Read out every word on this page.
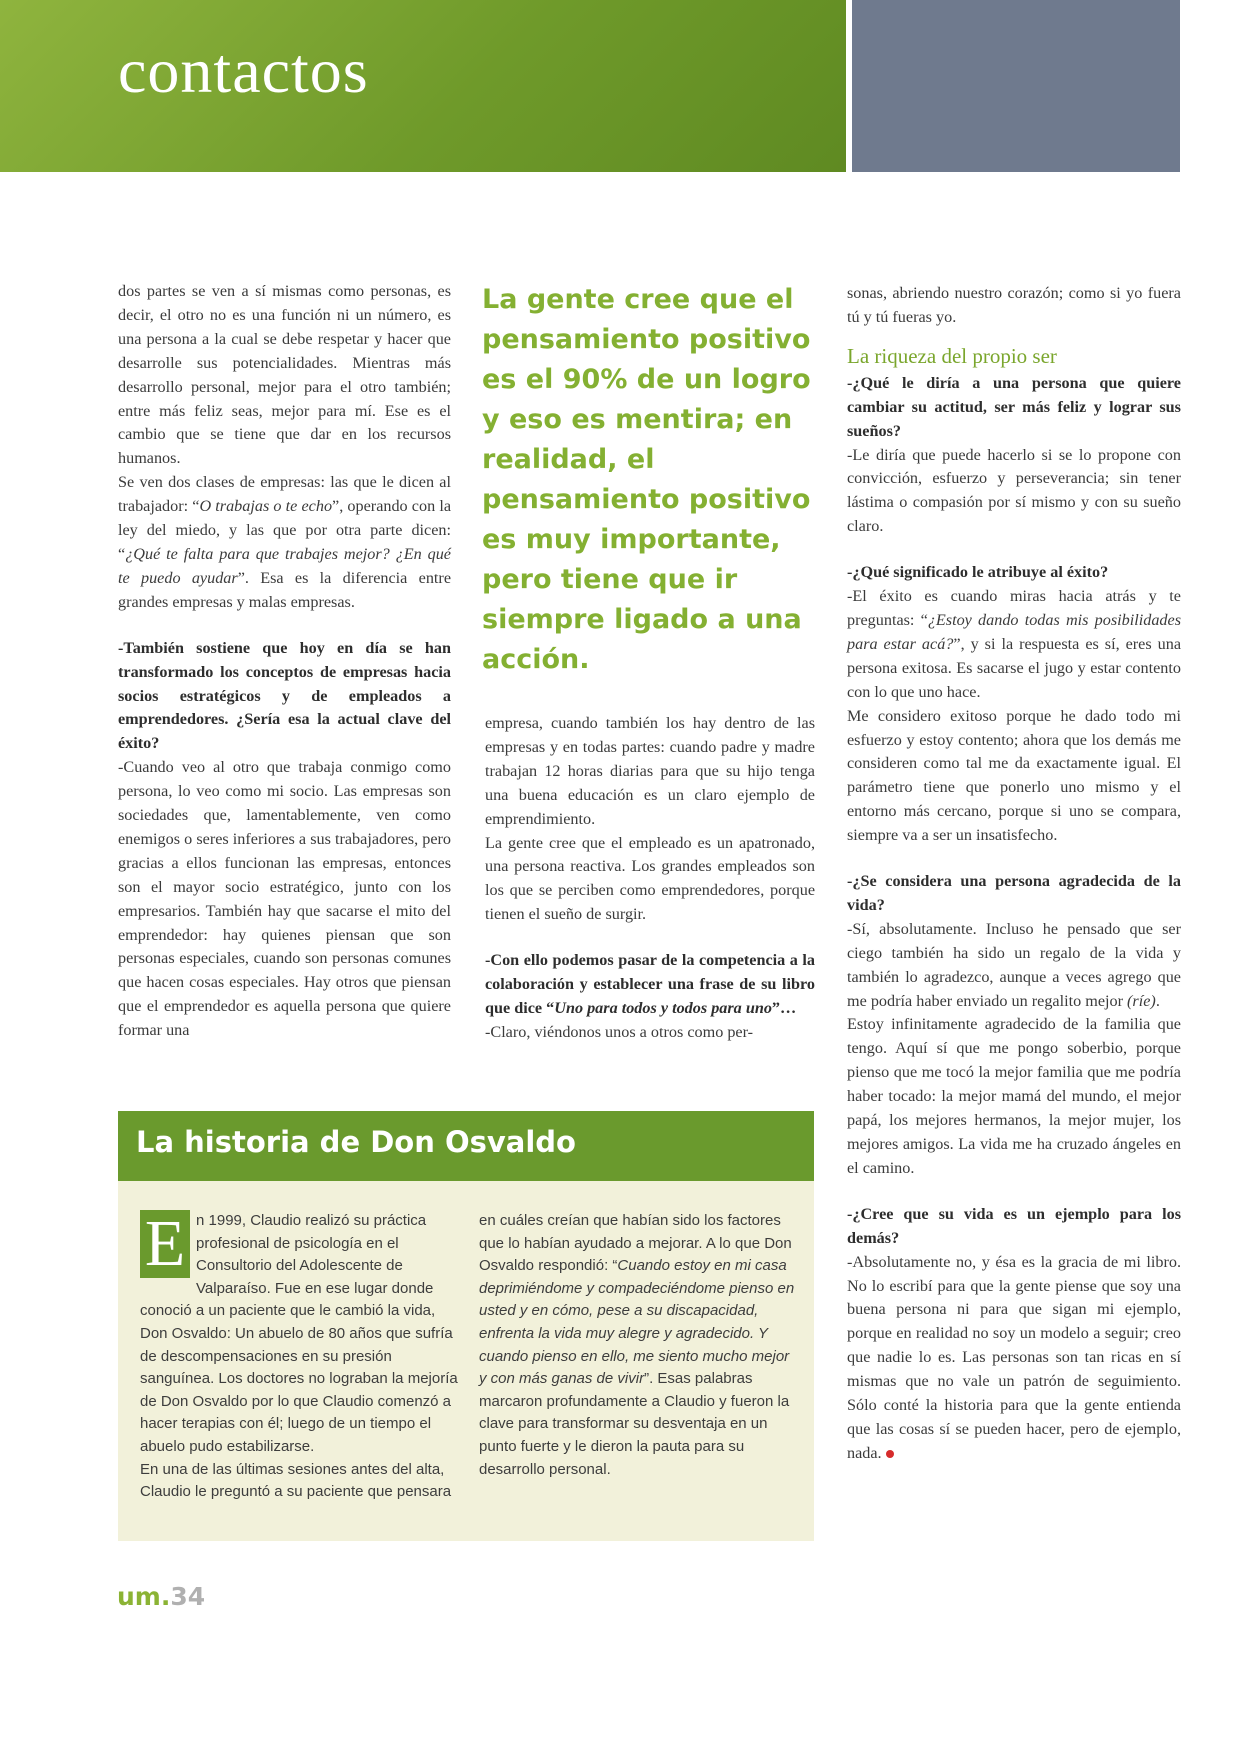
contactos

dos partes se ven a sí mismas como personas, es decir, el otro no es una función ni un número, es una persona a la cual se debe respetar y hacer que desarrolle sus potencialidades. Mientras más desarrollo personal, mejor para el otro también; entre más feliz seas, mejor para mí. Ese es el cambio que se tiene que dar en los recursos humanos.

Se ven dos clases de empresas: las que le dicen al trabajador: “O trabajas o te echo”, operando con la ley del miedo, y las que por otra parte dicen: “¿Qué te falta para que trabajes mejor? ¿En qué te puedo ayudar”. Esa es la diferencia entre grandes empresas y malas empresas.

-También sostiene que hoy en día se han transformado los conceptos de empresas hacia socios estratégicos y de empleados a emprendedores. ¿Sería esa la actual clave del éxito?

-Cuando veo al otro que trabaja conmigo como persona, lo veo como mi socio. Las empresas son sociedades que, lamentablemente, ven como enemigos o seres inferiores a sus trabajadores, pero gracias a ellos funcionan las empresas, entonces son el mayor socio estratégico, junto con los empresarios. También hay que sacarse el mito del emprendedor: hay quienes piensan que son personas especiales, cuando son personas comunes que hacen cosas especiales. Hay otros que piensan que el emprendedor es aquella persona que quiere formar una

La gente cree que el pensamiento positivo es el 90% de un logro y eso es mentira; en realidad, el pensamiento positivo es muy importante, pero tiene que ir siempre ligado a una acción.

empresa, cuando también los hay dentro de las empresas y en todas partes: cuando padre y madre trabajan 12 horas diarias para que su hijo tenga una buena educación es un claro ejemplo de emprendimiento.

La gente cree que el empleado es un apatronado, una persona reactiva. Los grandes empleados son los que se perciben como emprendedores, porque tienen el sueño de surgir.

-Con ello podemos pasar de la competencia a la colaboración y establecer una frase de su libro que dice “Uno para todos y todos para uno”…

-Claro, viéndonos unos a otros como per-

sonas, abriendo nuestro corazón; como si yo fuera tú y tú fueras yo.

La riqueza del propio ser

-¿Qué le diría a una persona que quiere cambiar su actitud, ser más feliz y lograr sus sueños?

-Le diría que puede hacerlo si se lo propone con convicción, esfuerzo y perseverancia; sin tener lástima o compasión por sí mismo y con su sueño claro.

-¿Qué significado le atribuye al éxito?

-El éxito es cuando miras hacia atrás y te preguntas: “¿Estoy dando todas mis posibilidades para estar acá?”, y si la respuesta es sí, eres una persona exitosa. Es sacarse el jugo y estar contento con lo que uno hace.

Me considero exitoso porque he dado todo mi esfuerzo y estoy contento; ahora que los demás me consideren como tal me da exactamente igual. El parámetro tiene que ponerlo uno mismo y el entorno más cercano, porque si uno se compara, siempre va a ser un insatisfecho.

-¿Se considera una persona agradecida de la vida?

-Sí, absolutamente. Incluso he pensado que ser ciego también ha sido un regalo de la vida y también lo agradezco, aunque a veces agrego que me podría haber enviado un regalito mejor (ríe).

Estoy infinitamente agradecido de la familia que tengo. Aquí sí que me pongo soberbio, porque pienso que me tocó la mejor familia que me podría haber tocado: la mejor mamá del mundo, el mejor papá, los mejores hermanos, la mejor mujer, los mejores amigos. La vida me ha cruzado ángeles en el camino.

-¿Cree que su vida es un ejemplo para los demás?

-Absolutamente no, y ésa es la gracia de mi libro. No lo escribí para que la gente piense que soy una buena persona ni para que sigan mi ejemplo, porque en realidad no soy un modelo a seguir; creo que nadie lo es. Las personas son tan ricas en sí mismas que no vale un patrón de seguimiento. Sólo conté la historia para que la gente entienda que las cosas sí se pueden hacer, pero de ejemplo, nada.

La historia de Don Osvaldo

E n 1999, Claudio realizó su práctica profesional de psicología en el Consultorio del Adolescente de Valparaíso. Fue en ese lugar donde conoció a un paciente que le cambió la vida, Don Osvaldo: Un abuelo de 80 años que sufría de descompensaciones en su presión sanguínea. Los doctores no lograban la mejoría de Don Osvaldo por lo que Claudio comenzó a hacer terapias con él; luego de un tiempo el abuelo pudo estabilizarse.

En una de las últimas sesiones antes del alta, Claudio le preguntó a su paciente que pensara

en cuáles creían que habían sido los factores que lo habían ayudado a mejorar. A lo que Don Osvaldo respondió: “Cuando estoy en mi casa deprimiéndome y compadeciéndome pienso en usted y en cómo, pese a su discapacidad, enfrenta la vida muy alegre y agradecido. Y cuando pienso en ello, me siento mucho mejor y con más ganas de vivir”. Esas palabras marcaron profundamente a Claudio y fueron la clave para transformar su desventaja en un punto fuerte y le dieron la pauta para su desarrollo personal.

um.34
